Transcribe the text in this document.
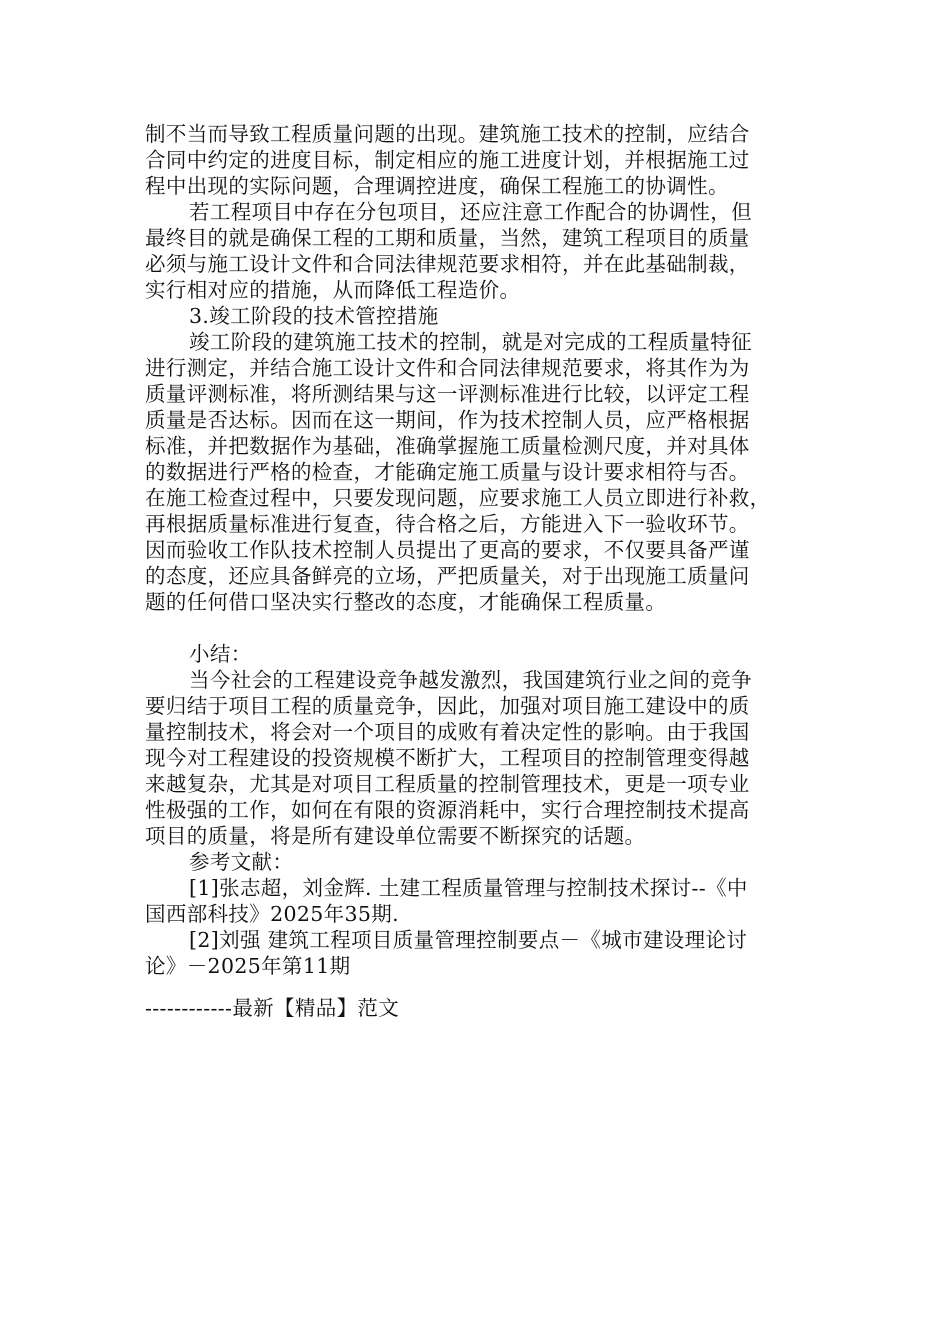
制不当而导致工程质量问题的出现。建筑施工技术的控制，应结合
合同中约定的进度目标，制定相应的施工进度计划，并根据施工过
程中出现的实际问题，合理调控进度，确保工程施工的协调性。
若工程项目中存在分包项目，还应注意工作配合的协调性，但
最终目的就是确保工程的工期和质量，当然，建筑工程项目的质量
必须与施工设计文件和合同法律规范要求相符，并在此基础制裁，
实行相对应的措施，从而降低工程造价。
3.竣工阶段的技术管控措施
竣工阶段的建筑施工技术的控制，就是对完成的工程质量特征
进行测定，并结合施工设计文件和合同法律规范要求，将其作为为
质量评测标准，将所测结果与这一评测标准进行比较，以评定工程
质量是否达标。因而在这一期间，作为技术控制人员，应严格根据
标准，并把数据作为基础，准确掌握施工质量检测尺度，并对具体
的数据进行严格的检查，才能确定施工质量与设计要求相符与否。
在施工检查过程中，只要发现问题，应要求施工人员立即进行补救，
再根据质量标准进行复查，待合格之后，方能进入下一验收环节。
因而验收工作队技术控制人员提出了更高的要求，不仅要具备严谨
的态度，还应具备鲜亮的立场，严把质量关，对于出现施工质量问
题的任何借口坚决实行整改的态度，才能确保工程质量。
小结：
当今社会的工程建设竞争越发激烈，我国建筑行业之间的竞争
要归结于项目工程的质量竞争，因此，加强对项目施工建设中的质
量控制技术，将会对一个项目的成败有着决定性的影响。由于我国
现今对工程建设的投资规模不断扩大，工程项目的控制管理变得越
来越复杂，尤其是对项目工程质量的控制管理技术，更是一项专业
性极强的工作，如何在有限的资源消耗中，实行合理控制技术提高
项目的质量，将是所有建设单位需要不断探究的话题。
参考文献：
[1]张志超，刘金辉. 土建工程质量管理与控制技术探讨--《中
国西部科技》2025年35期.
[2]刘强 建筑工程项目质量管理控制要点－《城市建设理论讨
论》－2025年第11期
------------最新【精品】范文
